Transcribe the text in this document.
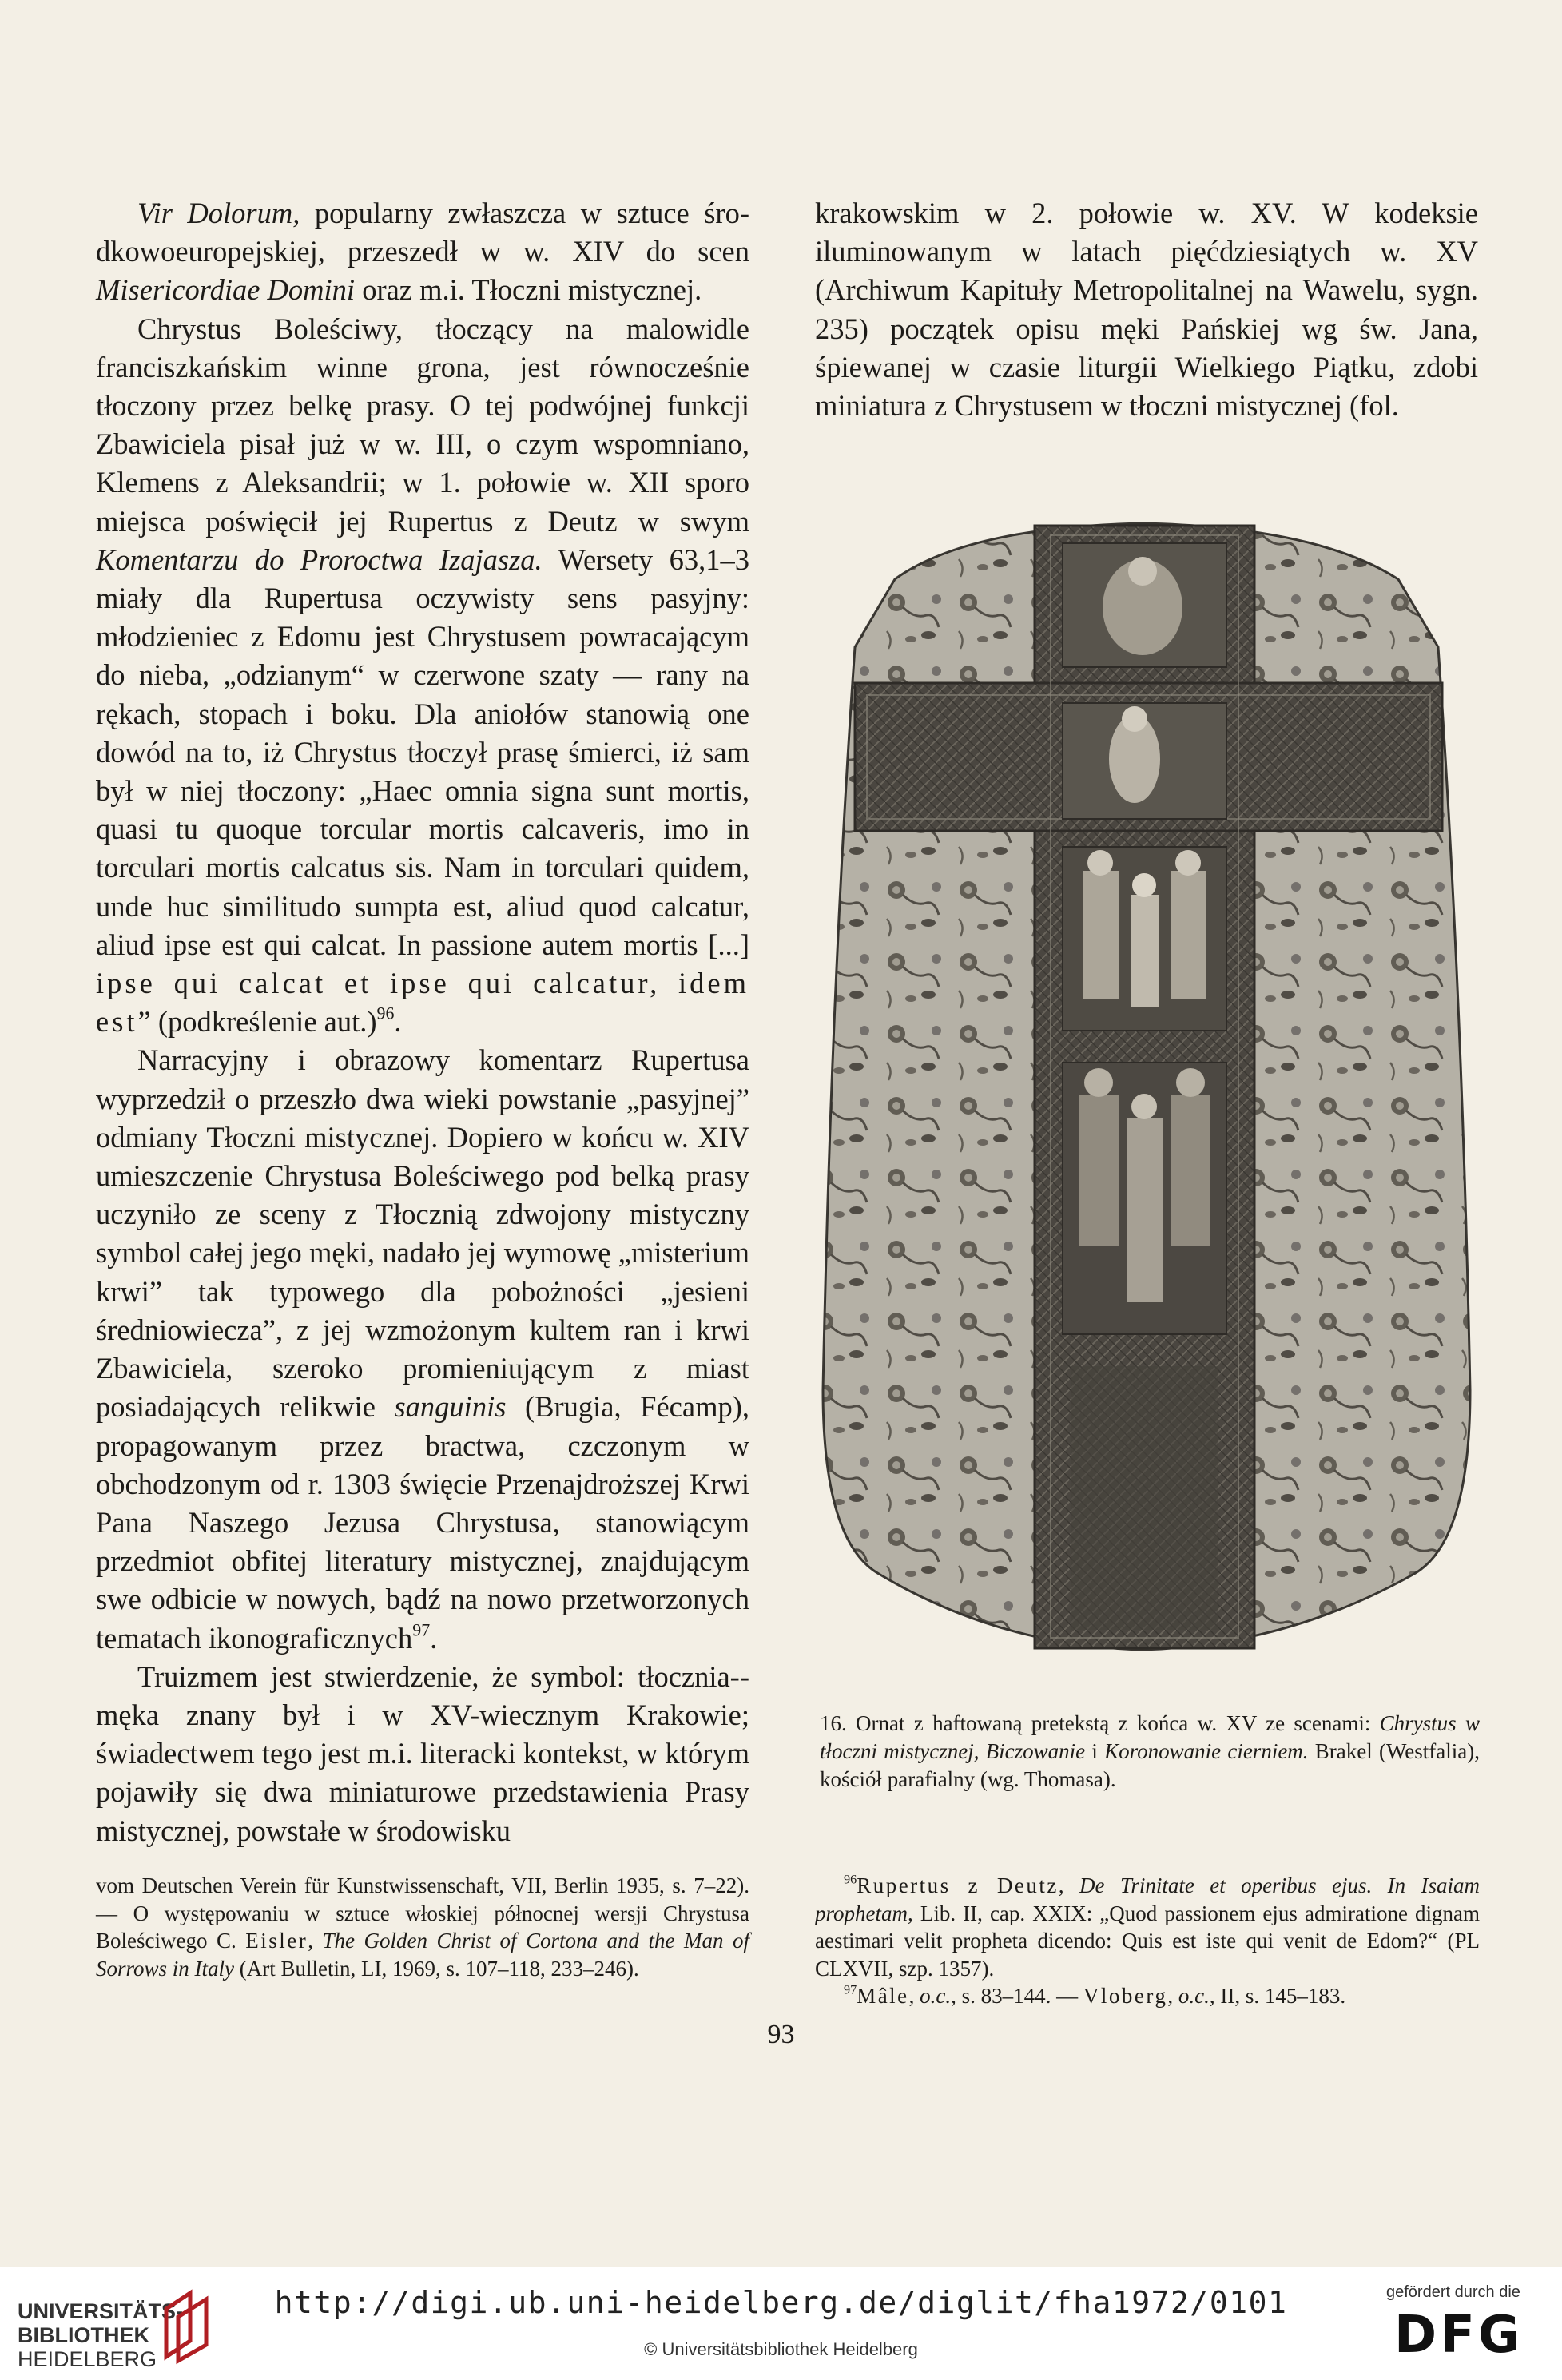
Vir Dolorum, popularny zwłaszcza w sztuce śro-dkowoeuropejskiej, przeszedł w w. XIV do scen Misericordiae Domini oraz m.i. Tłoczni mistycznej.

Chrystus Boleściwy, tłoczący na malowidle franciszkańskim winne grona, jest równocześnie tłoczony przez belkę prasy. O tej podwójnej funkcji Zbawiciela pisał już w w. III, o czym wspomniano, Klemens z Aleksandrii; w 1. połowie w. XII sporo miejsca poświęcił jej Rupertus z Deutz w swym Komentarzu do Proroctwa Izajasza. Wersety 63,1–3 miały dla Rupertusa oczywisty sens pasyjny: młodzieniec z Edomu jest Chrystusem powracającym do nieba, „odzianym“ w czerwone szaty — rany na rękach, stopach i boku. Dla aniołów stanowią one dowód na to, iż Chrystus tłoczył prasę śmierci, iż sam był w niej tłoczony: „Haec omnia signa sunt mortis, quasi tu quoque torcular mortis calcaveris, imo in torculari mortis calcatus sis. Nam in torculari quidem, unde huc similitudo sumpta est, aliud quod calcatur, aliud ipse est qui calcat. In passione autem mortis [...] ipse qui calcat et ipse qui calcatur, idem est” (podkreślenie aut.)$^{96}$.

Narracyjny i obrazowy komentarz Rupertusa wyprzedził o przeszło dwa wieki powstanie „pasyjnej” odmiany Tłoczni mistycznej. Dopiero w końcu w. XIV umieszczenie Chrystusa Boleściwego pod belką prasy uczyniło ze sceny z Tłocznią zdwojony mistyczny symbol całej jego męki, nadało jej wymowę „misterium krwi” tak typowego dla pobożności „jesieni średniowiecza”, z jej wzmożonym kultem ran i krwi Zbawiciela, szeroko promieniującym z miast posiadających relikwie sanguinis (Brugia, Fécamp), propagowanym przez bractwa, czczonym w obchodzonym od r. 1303 święcie Przenajdroższej Krwi Pana Naszego Jezusa Chrystusa, stanowiącym przedmiot obfitej literatury mistycznej, znajdującym swe odbicie w nowych, bądź na nowo przetworzonych tematach ikonograficznych$^{97}$.

Truizmem jest stwierdzenie, że symbol: tłocznia--męka znany był i w XV-wiecznym Krakowie; świadectwem tego jest m.i. literacki kontekst, w którym pojawiły się dwa miniaturowe przedstawienia Prasy mistycznej, powstałe w środowisku

krakowskim w 2. połowie w. XV. W kodeksie iluminowanym w latach pięćdziesiątych w. XV (Archiwum Kapituły Metropolitalnej na Wawelu, sygn. 235) początek opisu męki Pańskiej wg św. Jana, śpiewanej w czasie liturgii Wielkiego Piątku, zdobi miniatura z Chrystusem w tłoczni mistycznej (fol.

16. Ornat z haftowaną pretekstą z końca w. XV ze scenami: Chrystus w tłoczni mistycznej, Biczowanie i Koronowanie cierniem. Brakel (Westfalia), kościół parafialny (wg. Thomasa).

vom Deutschen Verein für Kunstwissenschaft, VII, Berlin 1935, s. 7–22). — O występowaniu w sztuce włoskiej północnej wersji Chrystusa Boleściwego C. Eisler, The Golden Christ of Cortona and the Man of Sorrows in Italy (Art Bulletin, LI, 1969, s. 107–118, 233–246).

$^{96}$Rupertus z Deutz, De Trinitate et operibus ejus. In Isaiam prophetam, Lib. II, cap. XXIX: „Quod passionem ejus admiratione dignam aestimari velit propheta dicendo: Quis est iste qui venit de Edom?“ (PL CLXVII, szp. 1357).

$^{97}$Mâle, o.c., s. 83–144. — Vloberg, o.c., II, s. 145–183.

93
UNIVERSITÄTS-
BIBLIOTHEK
HEIDELBERG
http://digi.ub.uni-heidelberg.de/diglit/fha1972/0101
© Universitätsbibliothek Heidelberg
gefördert durch die
DFG
